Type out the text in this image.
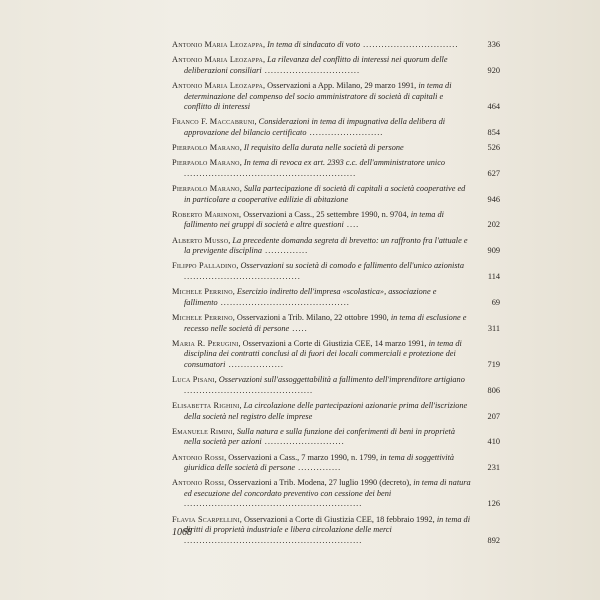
Antonio Maria Leozappa, In tema di sindacato di voto ...............................	336
Antonio Maria Leozappa, La rilevanza del conflitto di interessi nei quorum delle deliberazioni consiliari ...............................	920
Antonio Maria Leozappa, Osservazioni a App. Milano, 29 marzo 1991, in tema di determinazione del compenso del socio amministratore di società di capitali e conflitto di interessi	464
Franco F. Maccabruni, Considerazioni in tema di impugnativa della delibera di approvazione del bilancio certificato ........................	854
Pierpaolo Marano, Il requisito della durata nelle società di persone	526
Pierpaolo Marano, In tema di revoca ex art. 2393 c.c. dell'amministratore unico ........................................................	627
Pierpaolo Marano, Sulla partecipazione di società di capitali a società cooperative ed in particolare a cooperative edilizie di abitazione	946
Roberto Marinoni, Osservazioni a Cass., 25 settembre 1990, n. 9704, in tema di fallimento nei gruppi di società e altre questioni ....	202
Alberto Musso, La precedente domanda segreta di brevetto: un raffronto fra l'attuale e la previgente disciplina ..............	909
Filippo Palladino, Osservazioni su società di comodo e fallimento dell'unico azionista ......................................	114
Michele Perrino, Esercizio indiretto dell'impresa «scolastica», associazione e fallimento ..........................................	69
Michele Perrino, Osservazioni a Trib. Milano, 22 ottobre 1990, in tema di esclusione e recesso nelle società di persone .....	311
Maria R. Perugini, Osservazioni a Corte di Giustizia CEE, 14 marzo 1991, in tema di disciplina dei contratti conclusi al di fuori dei locali commerciali e protezione dei consumatori ..................	719
Luca Pisani, Osservazioni sull'assoggettabilità a fallimento dell'imprenditore artigiano ..........................................	806
Elisabetta Righini, La circolazione delle partecipazioni azionarie prima dell'iscrizione della società nel registro delle imprese	207
Emanuele Rimini, Sulla natura e sulla funzione dei conferimenti di beni in proprietà nella società per azioni ..........................	410
Antonio Rossi, Osservazioni a Cass., 7 marzo 1990, n. 1799, in tema di soggettività giuridica delle società di persone ..............	231
Antonio Rossi, Osservazioni a Trib. Modena, 27 luglio 1990 (decreto), in tema di natura ed esecuzione del concordato preventivo con cessione dei beni ..........................................................	126
Flavia Scarpellini, Osservazioni a Corte di Giustizia CEE, 18 febbraio 1992, in tema di diritti di proprietà industriale e libera circolazione delle merci ..........................................................	892
1068
